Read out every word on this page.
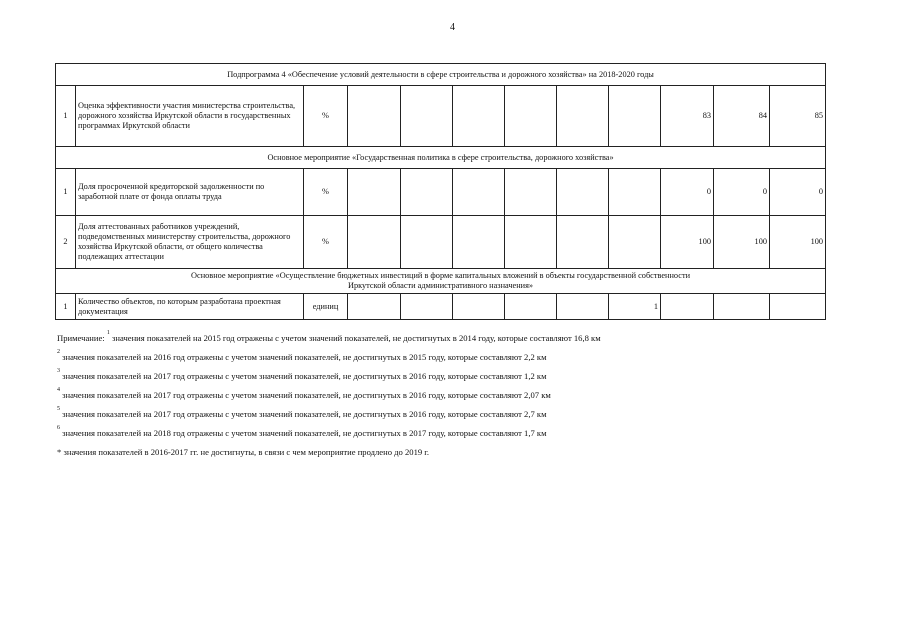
4
Подпрограмма 4 «Обеспечение условий деятельности в сфере строительства и дорожного хозяйства» на 2018-2020 годы											

1	Оценка эффективности участия министерства строительства, дорожного хозяйства Иркутской области в государственных программах Иркутской области	%							83	84	85

Основное мероприятие «Государственная политика в сфере строительства, дорожного хозяйства»											

1	Доля просроченной кредиторской задолженности по заработной плате от фонда оплаты труда	%							0	0	0
2	Доля аттестованных работников учреждений, подведомственных министерству строительства, дорожного хозяйства Иркутской области, от общего количества подлежащих аттестации	%							100	100	100

Основное мероприятие «Осуществление бюджетных инвестиций в форме капитальных вложений в объекты государственной собственности
Иркутской области административного назначения»											

1	Количество объектов, по которым разработана проектная документация	единиц						1			
Примечание: $^1$ значения показателей на 2015 год отражены с учетом значений показателей, не достигнутых в 2014 году, которые составляют 16,8 км
$^2$ значения показателей на 2016 год отражены с учетом значений показателей, не достигнутых в 2015 году, которые составляют 2,2 км
$^3$ значения показателей на 2017 год отражены с учетом значений показателей, не достигнутых в 2016 году, которые составляют 1,2 км
$^4$ значения показателей на 2017 год отражены с учетом значений показателей, не достигнутых в 2016 году, которые составляют 2,07 км
$^5$ значения показателей на 2017 год отражены с учетом значений показателей, не достигнутых в 2016 году, которые составляют 2,7 км
$^6$ значения показателей на 2018 год отражены с учетом значений показателей, не достигнутых в 2017 году, которые составляют 1,7 км
* значения показателей в 2016-2017 гг. не достигнуты, в связи с чем мероприятие продлено до 2019 г.
